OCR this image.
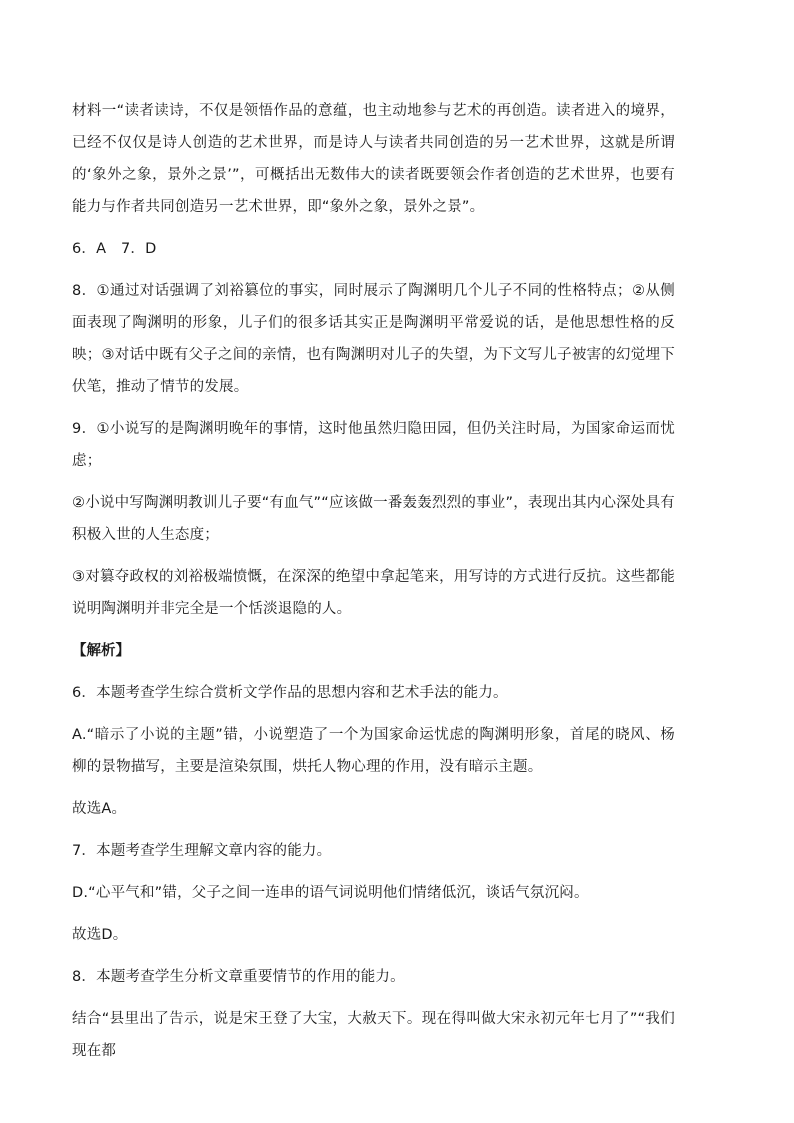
材料一“读者读诗，不仅是领悟作品的意蕴，也主动地参与艺术的再创造。读者进入的境界，已经不仅仅是诗人创造的艺术世界，而是诗人与读者共同创造的另一艺术世界，这就是所谓的‘象外之象，景外之景’”，可概括出无数伟大的读者既要领会作者创造的艺术世界，也要有能力与作者共同创造另一艺术世界，即“象外之象，景外之景”。

6．A　7．D

8．①通过对话强调了刘裕篡位的事实，同时展示了陶渊明几个儿子不同的性格特点；②从侧面表现了陶渊明的形象，儿子们的很多话其实正是陶渊明平常爱说的话，是他思想性格的反映；③对话中既有父子之间的亲情，也有陶渊明对儿子的失望，为下文写儿子被害的幻觉埋下伏笔，推动了情节的发展。

9．①小说写的是陶渊明晚年的事情，这时他虽然归隐田园，但仍关注时局，为国家命运而忧虑；

②小说中写陶渊明教训儿子要“有血气”“应该做一番轰轰烈烈的事业”，表现出其内心深处具有积极入世的人生态度；

③对篡夺政权的刘裕极端愤慨，在深深的绝望中拿起笔来，用写诗的方式进行反抗。这些都能说明陶渊明并非完全是一个恬淡退隐的人。

【解析】

6．本题考查学生综合赏析文学作品的思想内容和艺术手法的能力。

A.“暗示了小说的主题”错，小说塑造了一个为国家命运忧虑的陶渊明形象，首尾的晓风、杨柳的景物描写，主要是渲染氛围，烘托人物心理的作用，没有暗示主题。

故选A。

7．本题考查学生理解文章内容的能力。

D.“心平气和”错，父子之间一连串的语气词说明他们情绪低沉，谈话气氛沉闷。

故选D。

8．本题考查学生分析文章重要情节的作用的能力。

结合“县里出了告示，说是宋王登了大宝，大赦天下。现在得叫做大宋永初元年七月了”“我们现在都
